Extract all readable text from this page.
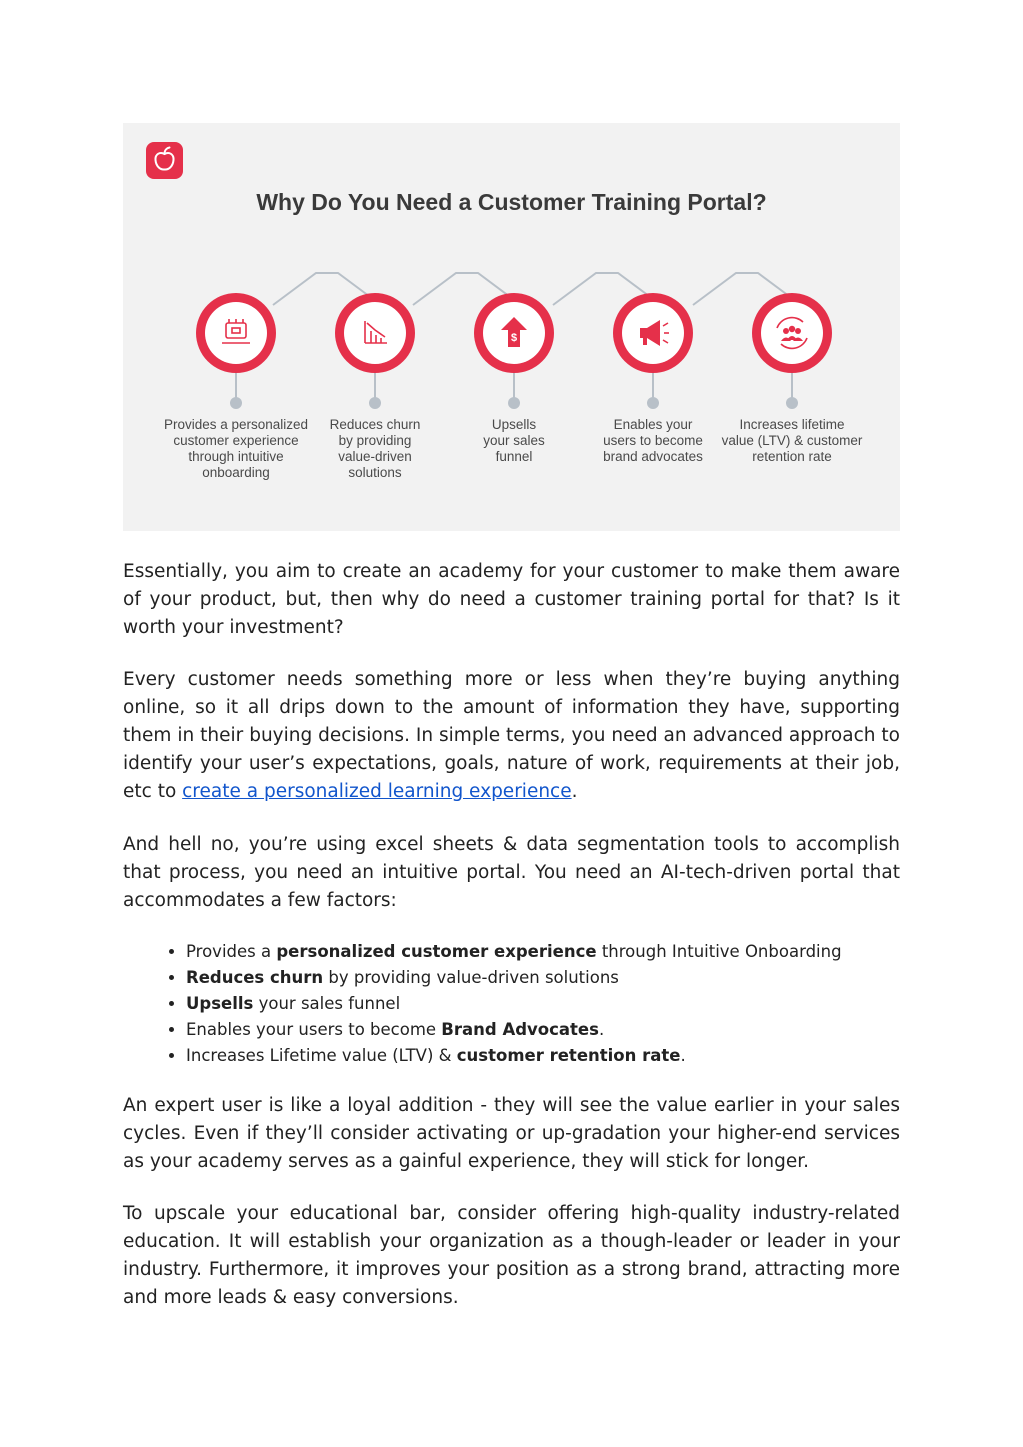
Why Do You Need a Customer Training Portal?
$
Provides a personalized
customer experience
through intuitive
onboarding
Reduces churn
by providing
value-driven
solutions
Upsells
your sales
funnel
Enables your
users to become
brand advocates
Increases lifetime
value (LTV) & customer
retention rate

Essentially, you aim to create an academy for your customer to make them aware of your product, but, then why do need a customer training portal for that? Is it worth your investment?

Every customer needs something more or less when they’re buying anything online, so it all drips down to the amount of information they have, supporting them in their buying decisions. In simple terms, you need an advanced approach to identify your user’s expectations, goals, nature of work, requirements at their job, etc to create a personalized learning experience.

And hell no, you’re using excel sheets & data segmentation tools to accomplish that process, you need an intuitive portal. You need an AI-tech-driven portal that accommodates a few factors:

• Provides a personalized customer experience through Intuitive Onboarding
• Reduces churn by providing value-driven solutions
• Upsells your sales funnel
• Enables your users to become Brand Advocates.
• Increases Lifetime value (LTV) & customer retention rate.

An expert user is like a loyal addition - they will see the value earlier in your sales cycles. Even if they’ll consider activating or up-gradation your higher-end services as your academy serves as a gainful experience, they will stick for longer.

To upscale your educational bar, consider offering high-quality industry-related education. It will establish your organization as a though-leader or leader in your industry. Furthermore, it improves your position as a strong brand, attracting more and more leads & easy conversions.
